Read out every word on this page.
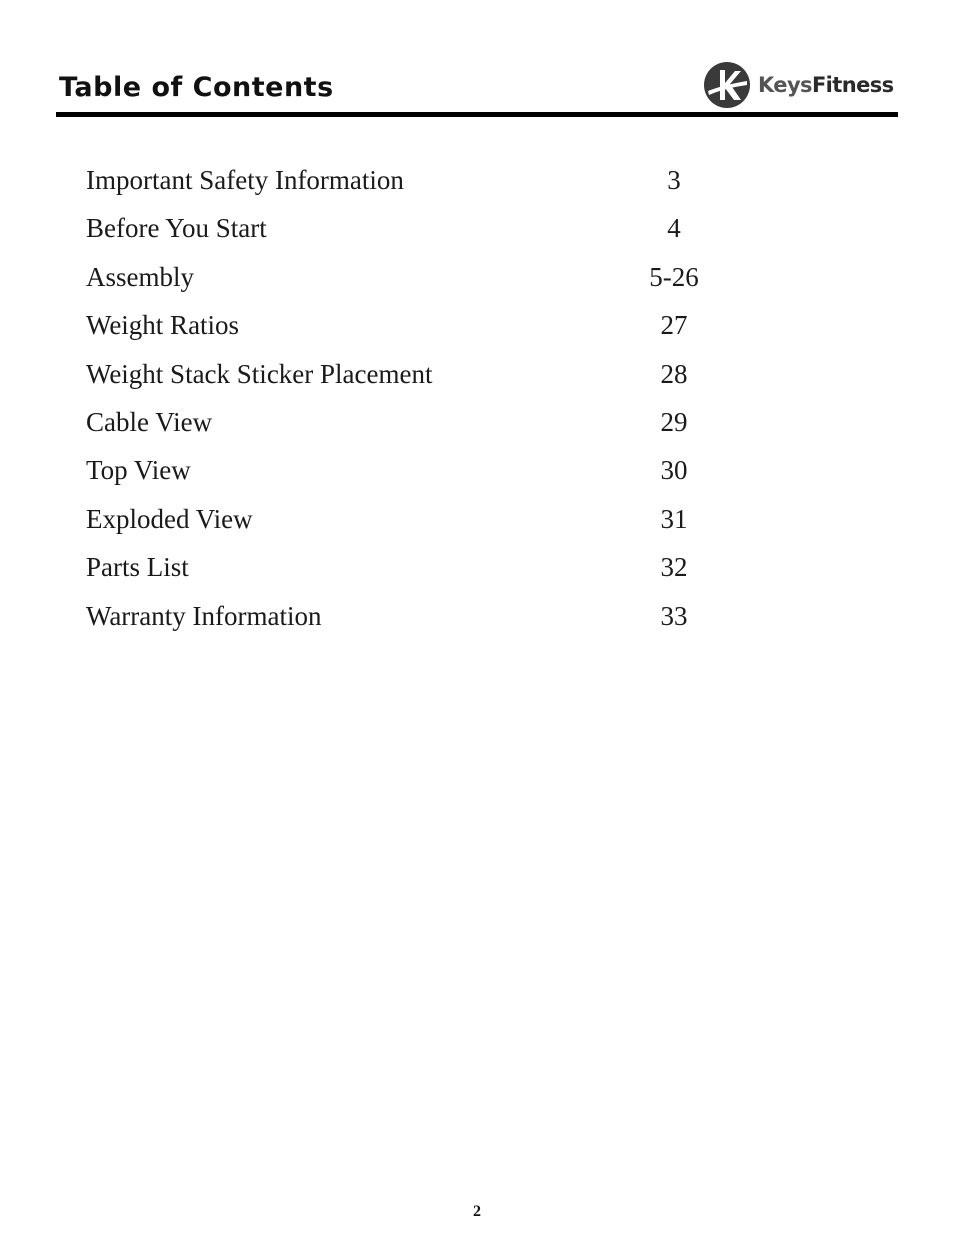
Table of Contents	KeysFitness
Important Safety Information	3
Before You Start	4
Assembly	5-26
Weight Ratios	27
Weight Stack Sticker Placement	28
Cable View	29
Top View	30
Exploded View	31
Parts List	32
Warranty Information	33
2
